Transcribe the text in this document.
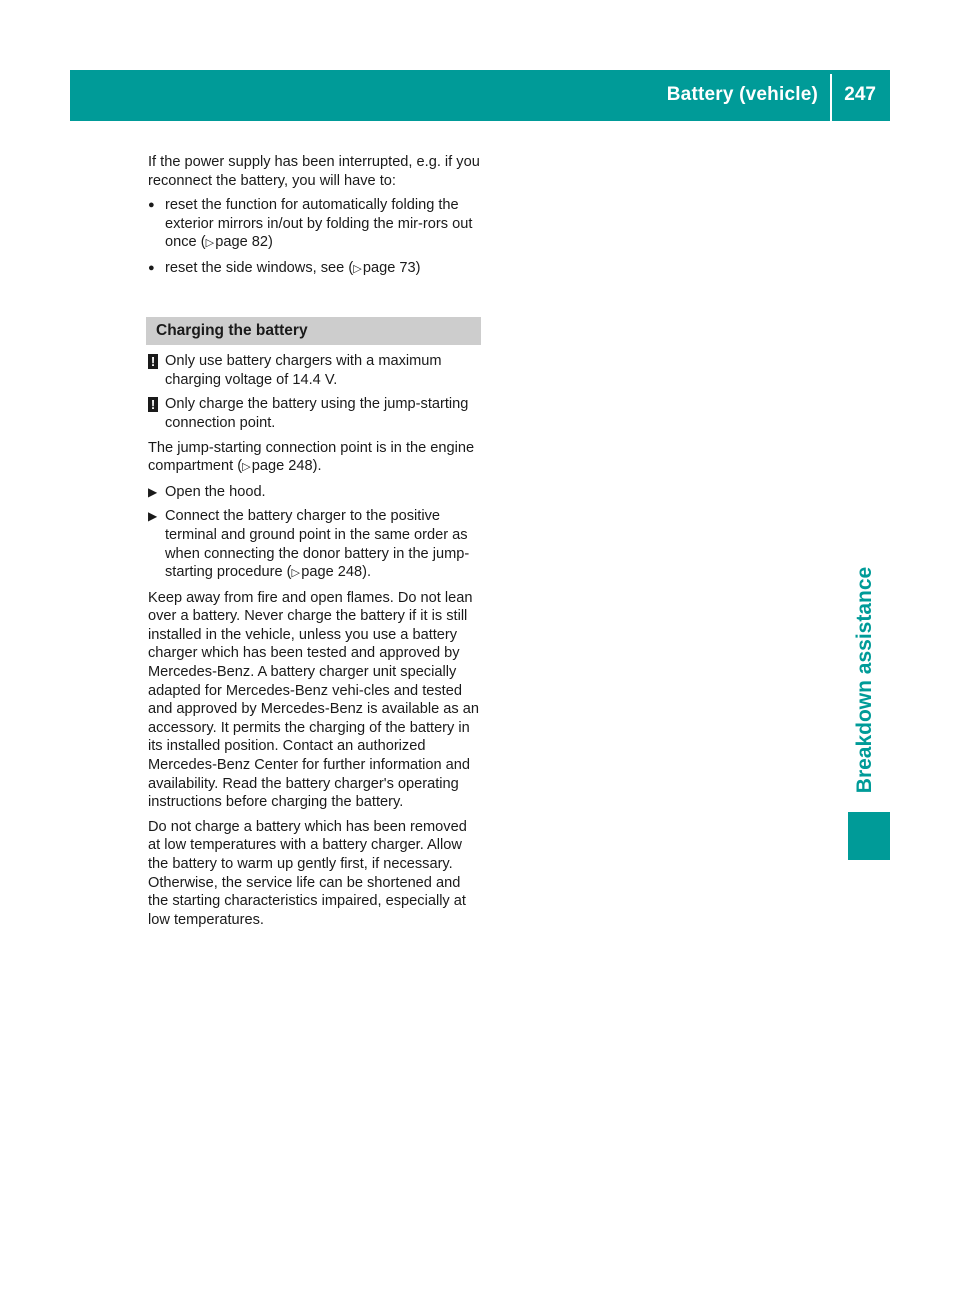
Battery (vehicle) 247
Breakdown assistance

If the power supply has been interrupted, e.g. if you reconnect the battery, you will have to:

● reset the function for automatically folding the exterior mirrors in/out by folding the mir-rors out once (▷ page 82)
● reset the side windows, see (▷ page 73)
Charging the battery
! Only use battery chargers with a maximum charging voltage of 14.4 V.
! Only charge the battery using the jump-starting connection point.

The jump-starting connection point is in the engine compartment (▷ page 248).

▶ Open the hood.
▶ Connect the battery charger to the positive terminal and ground point in the same order as when connecting the donor battery in the jump-starting procedure (▷ page 248).

Keep away from fire and open flames. Do not lean over a battery. Never charge the battery if it is still installed in the vehicle, unless you use a battery charger which has been tested and approved by Mercedes-Benz. A battery charger unit specially adapted for Mercedes-Benz vehi-cles and tested and approved by Mercedes-Benz is available as an accessory. It permits the charging of the battery in its installed position. Contact an authorized Mercedes-Benz Center for further information and availability. Read the battery charger's operating instructions before charging the battery.

Do not charge a battery which has been removed at low temperatures with a battery charger. Allow the battery to warm up gently first, if necessary. Otherwise, the service life can be shortened and the starting characteristics impaired, especially at low temperatures.
